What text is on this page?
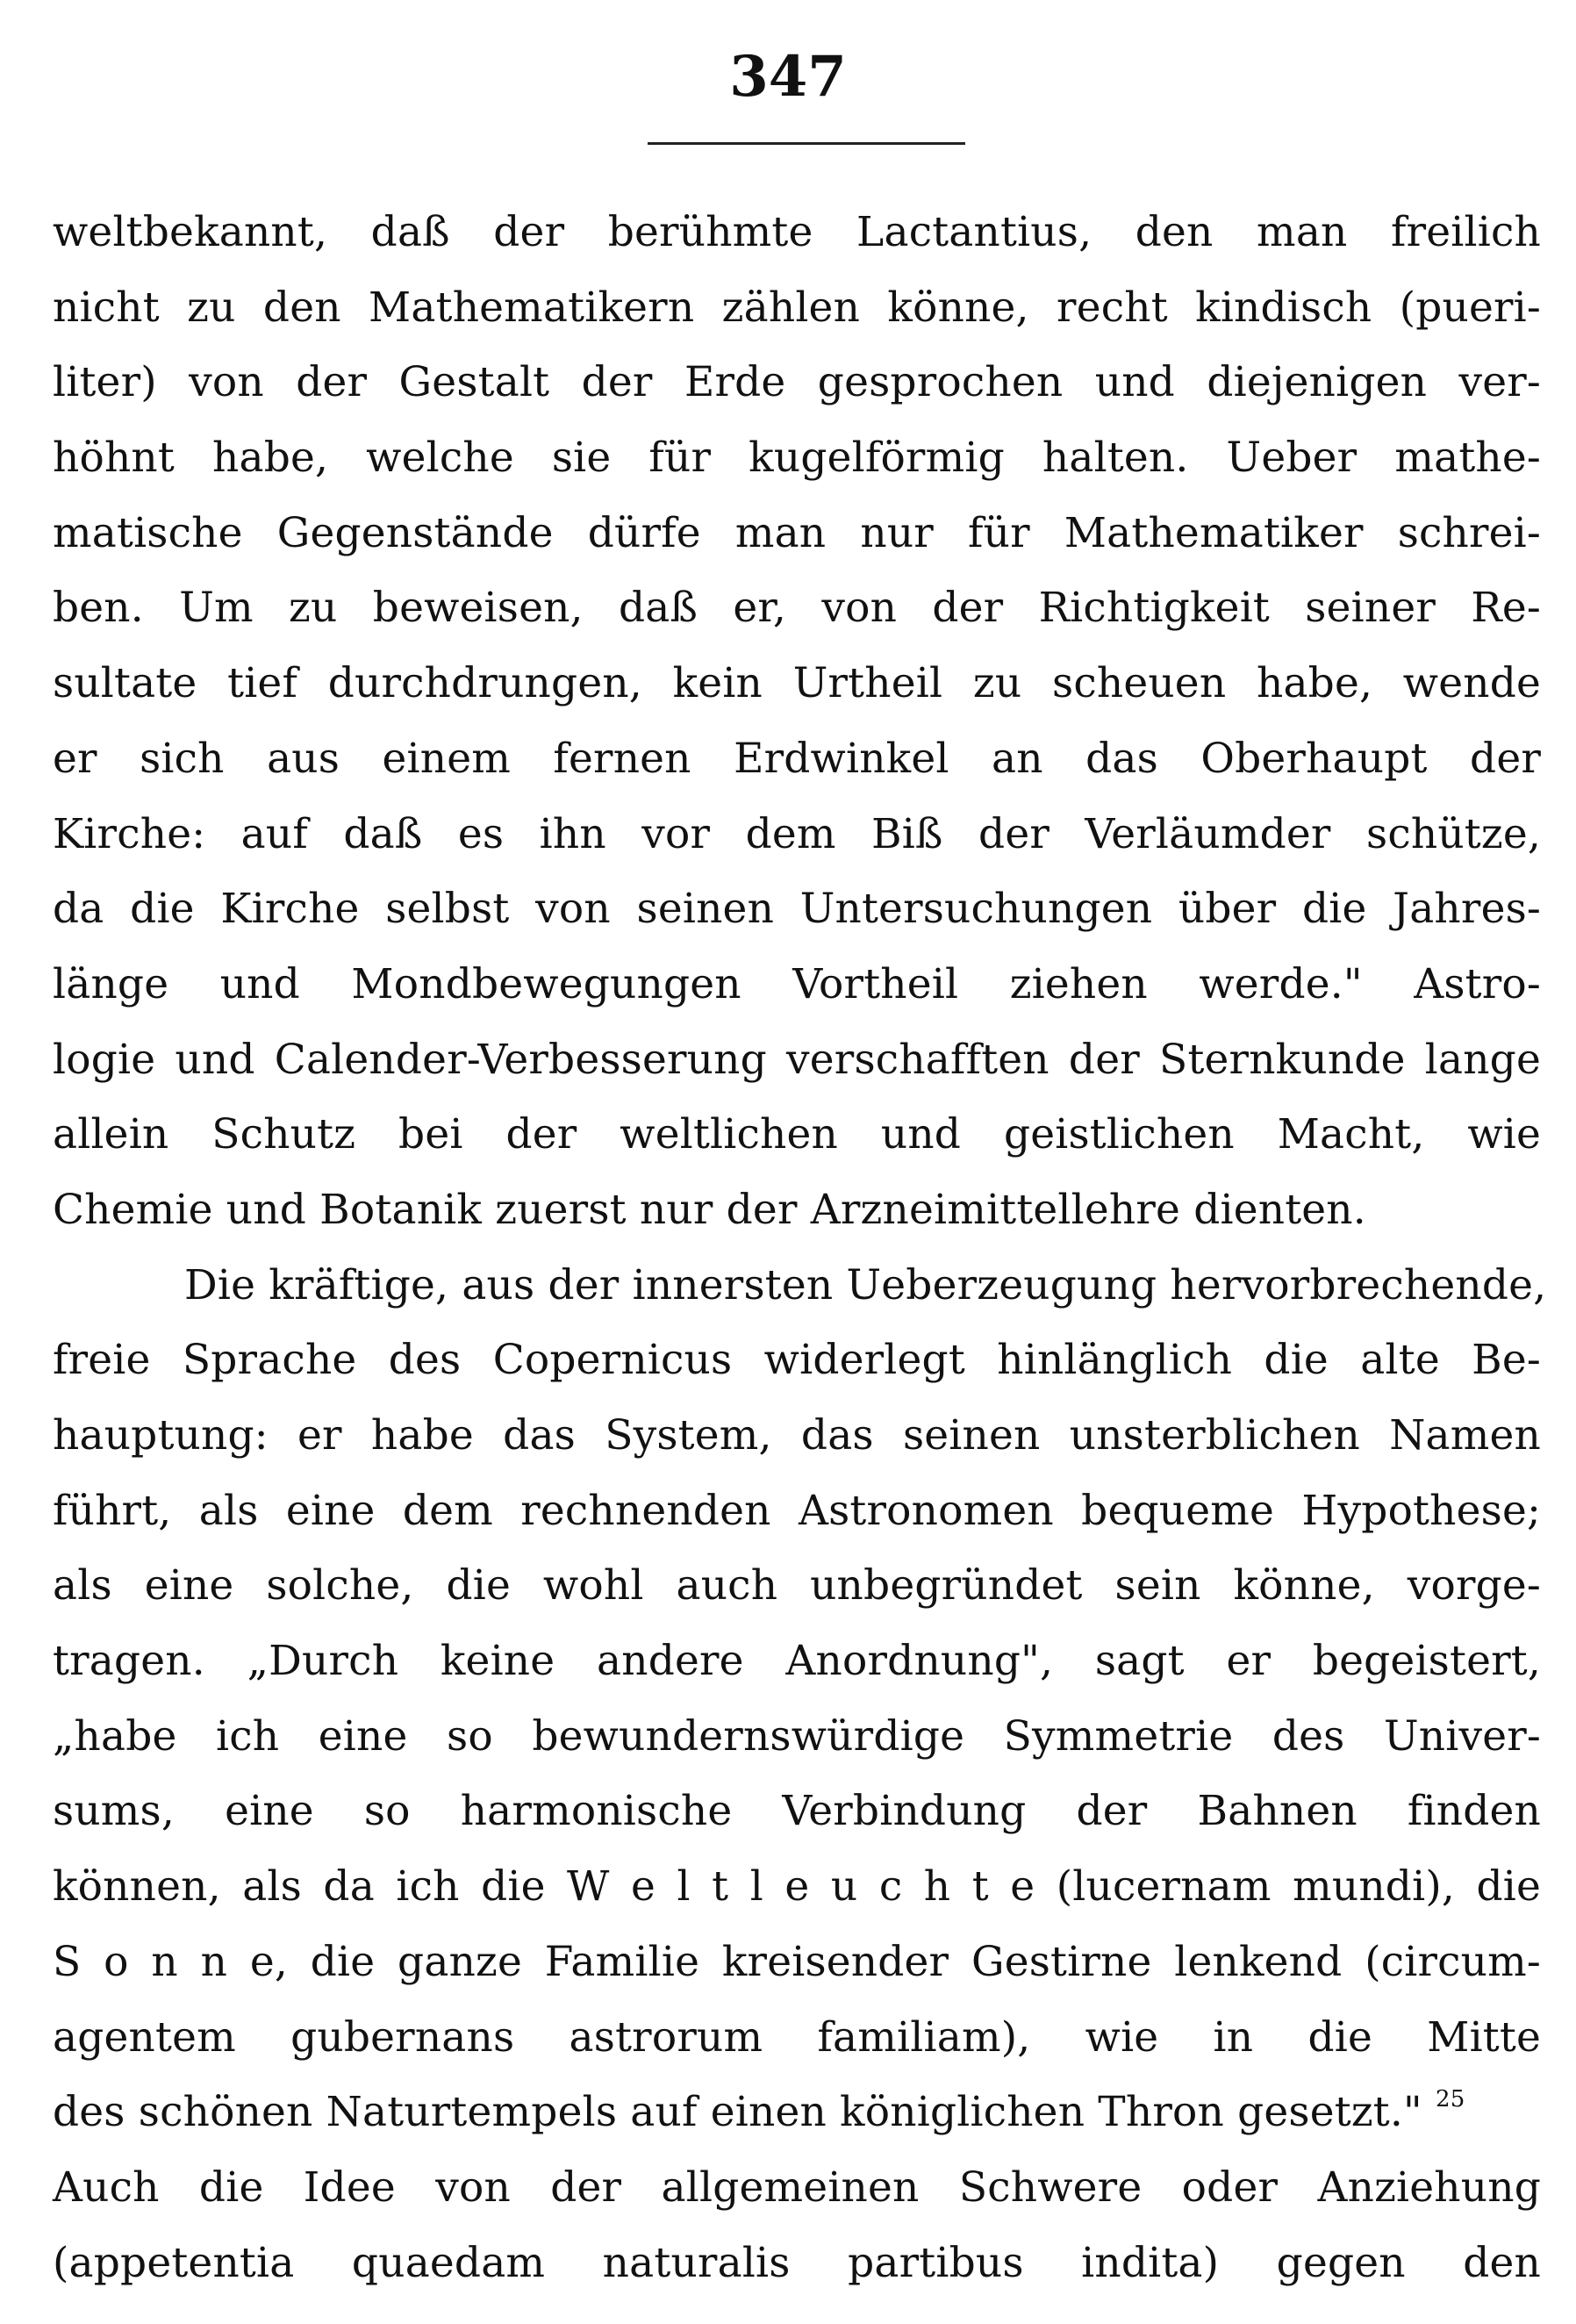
347
weltbekannt, daß der berühmte Lactantius, den man freilich
nicht zu den Mathematikern zählen könne, recht kindisch (pueri-
liter) von der Gestalt der Erde gesprochen und diejenigen ver-
höhnt habe, welche sie für kugelförmig halten. Ueber mathe-
matische Gegenstände dürfe man nur für Mathematiker schrei-
ben. Um zu beweisen, daß er, von der Richtigkeit seiner Re-
sultate tief durchdrungen, kein Urtheil zu scheuen habe, wende
er sich aus einem fernen Erdwinkel an das Oberhaupt der
Kirche: auf daß es ihn vor dem Biß der Verläumder schütze,
da die Kirche selbst von seinen Untersuchungen über die Jahres-
länge und Mondbewegungen Vortheil ziehen werde." Astro-
logie und Calender-Verbesserung verschafften der Sternkunde lange
allein Schutz bei der weltlichen und geistlichen Macht, wie
Chemie und Botanik zuerst nur der Arzneimittellehre dienten.
Die kräftige, aus der innersten Ueberzeugung hervorbrechende,
freie Sprache des Copernicus widerlegt hinlänglich die alte Be-
hauptung: er habe das System, das seinen unsterblichen Namen
führt, als eine dem rechnenden Astronomen bequeme Hypothese;
als eine solche, die wohl auch unbegründet sein könne, vorge-
tragen. „Durch keine andere Anordnung", sagt er begeistert,
„habe ich eine so bewundernswürdige Symmetrie des Univer-
sums, eine so harmonische Verbindung der Bahnen finden
können, als da ich die W e l t l e u c h t e (lucernam mundi), die
S o n n e, die ganze Familie kreisender Gestirne lenkend (circum-
agentem gubernans astrorum familiam), wie in die Mitte
des schönen Naturtempels auf einen königlichen Thron gesetzt." $^{25}$
Auch die Idee von der allgemeinen Schwere oder Anziehung
(appetentia quaedam naturalis partibus indita) gegen den
